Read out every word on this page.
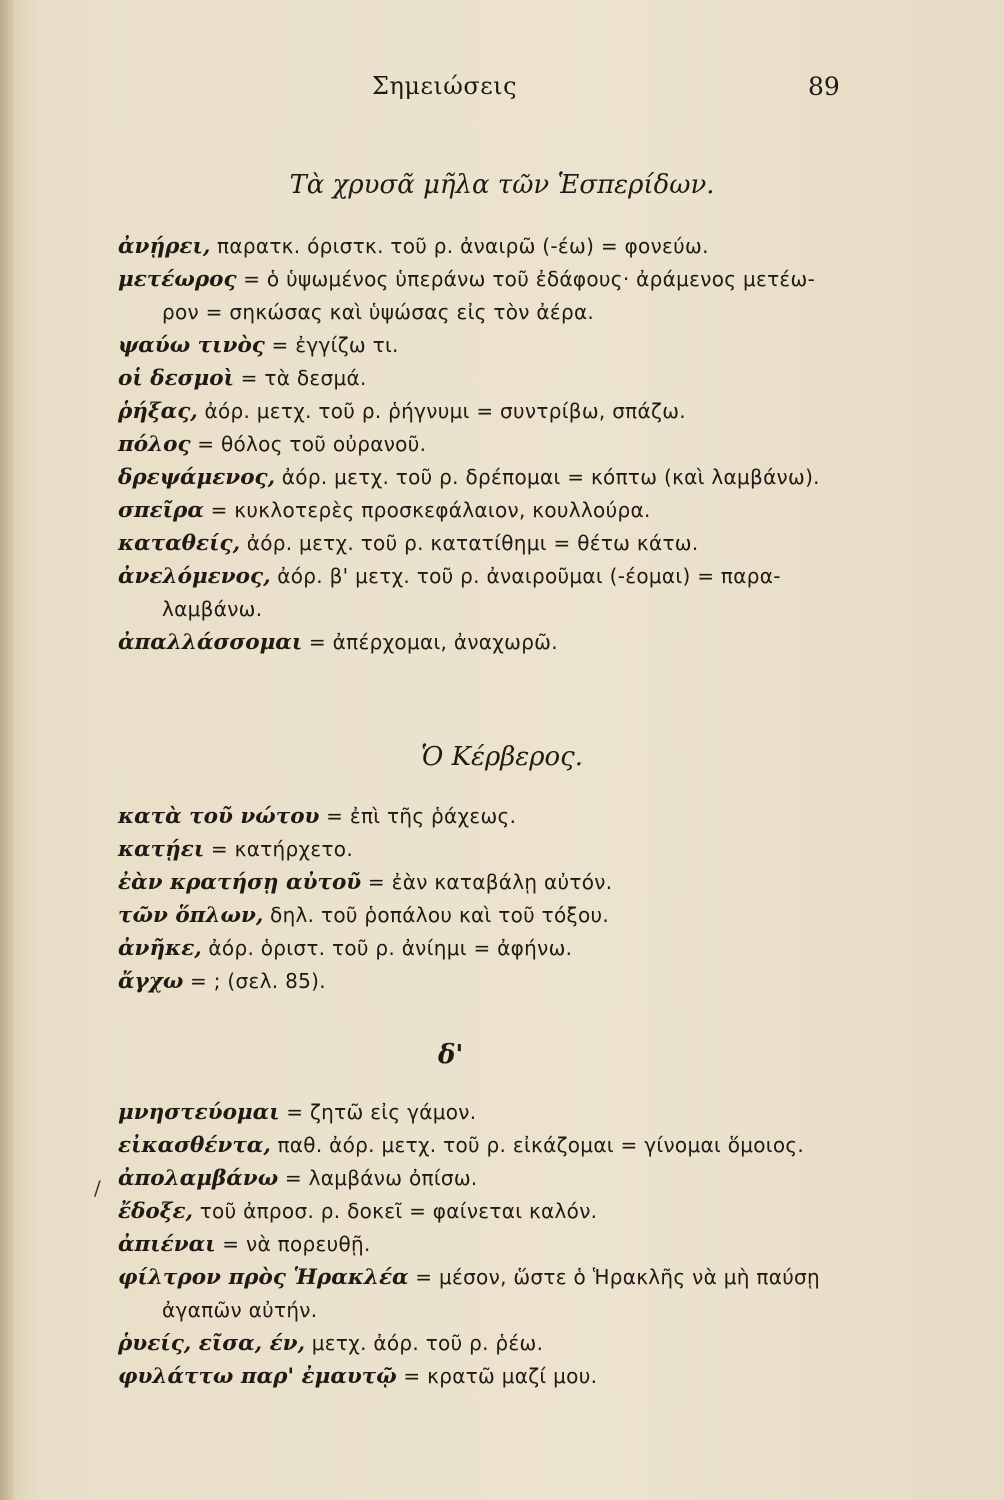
Σημειώσεις	89
Τὰ χρυσᾶ μῆλα τῶν Ἑσπερίδων.
ἀνῄρει, παρατκ. όριστκ. τοῦ ρ. ἀναιρῶ (-έω) = φονεύω.
μετέωρος = ὁ ὑψωμένος ὑπεράνω τοῦ ἐδάφους· ἀράμενος μετέω-
ρον = σηκώσας καὶ ὑψώσας εἰς τὸν ἀέρα.
ψαύω τινὸς = ἐγγίζω τι.
οἱ δεσμοὶ = τὰ δεσμά.
ῥήξας, ἀόρ. μετχ. τοῦ ρ. ῥήγνυμι = συντρίβω, σπάζω.
πόλος = θόλος τοῦ οὐρανοῦ.
δρεψάμενος, ἀόρ. μετχ. τοῦ ρ. δρέπομαι = κόπτω (καὶ λαμβάνω).
σπεῖρα = κυκλοτερὲς προσκεφάλαιον, κουλλούρα.
καταθείς, ἀόρ. μετχ. τοῦ ρ. κατατίθημι = θέτω κάτω.
ἀνελόμενος, ἀόρ. β' μετχ. τοῦ ρ. ἀναιροῦμαι (-έομαι) = παρα-
λαμβάνω.
ἀπαλλάσσομαι = ἀπέρχομαι, ἀναχωρῶ.
Ὁ Κέρβερος.
κατὰ τοῦ νώτου = ἐπὶ τῆς ῥάχεως.
κατῄει = κατήρχετο.
ἐὰν κρατήσῃ αὐτοῦ = ἐὰν καταβάλῃ αὐτόν.
τῶν ὅπλων, δηλ. τοῦ ῥοπάλου καὶ τοῦ τόξου.
ἀνῆκε, ἀόρ. ὁριστ. τοῦ ρ. ἀνίημι = ἀφήνω.
ἄγχω = ; (σελ. 85).
δ'
/
μνηστεύομαι = ζητῶ εἰς γάμον.
εἰκασθέντα, παθ. ἀόρ. μετχ. τοῦ ρ. εἰκάζομαι = γίνομαι ὅμοιος.
ἀπολαμβάνω = λαμβάνω ὀπίσω.
ἔδοξε, τοῦ ἀπροσ. ρ. δοκεῖ = φαίνεται καλόν.
ἀπιέναι = νὰ πορευθῇ.
φίλτρον πρὸς Ἡρακλέα = μέσον, ὥστε ὁ Ἡρακλῆς νὰ μὴ παύσῃ
ἀγαπῶν αὐτήν.
ῥυείς, εῖσα, έν, μετχ. ἀόρ. τοῦ ρ. ῥέω.
φυλάττω παρ' ἐμαυτῷ = κρατῶ μαζί μου.
